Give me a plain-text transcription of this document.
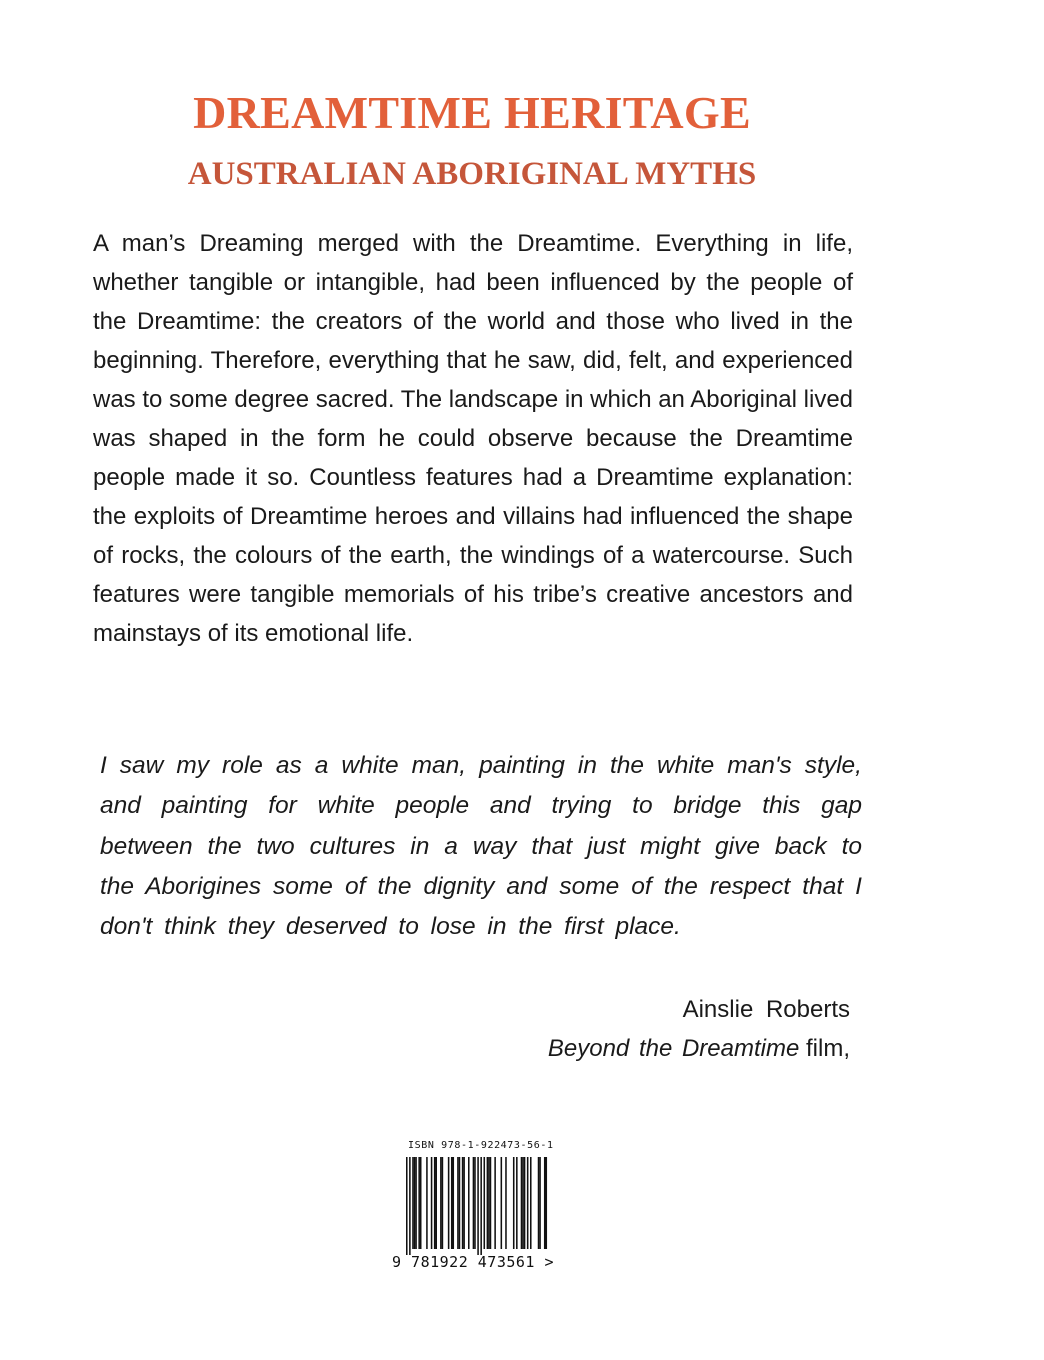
DREAMTIME HERITAGE
AUSTRALIAN ABORIGINAL MYTHS

A man’s Dreaming merged with the Dreamtime. Everything in life, whether tangible or intangible, had been influenced by the people of the Dreamtime: the creators of the world and those who lived in the beginning. Therefore, everything that he saw, did, felt, and experienced was to some degree sacred. The landscape in which an Aboriginal lived was shaped in the form he could observe because the Dreamtime people made it so. Countless features had a Dreamtime explanation: the exploits of Dreamtime heroes and villains had influenced the shape of rocks, the colours of the earth, the windings of a watercourse. Such features were tangible memorials of his tribe’s creative ancestors and mainstays of its emotional life.

I saw my role as a white man, painting in the white man's style, and painting for white people and trying to bridge this gap between the two cultures in a way that just might give back to the Aborigines some of the dignity and some of the respect that I don't think they deserved to lose in the first place.

Ainslie Roberts

Beyond the Dreamtime film,

ISBN 978-1-922473-56-1

9 781922 473561 >
